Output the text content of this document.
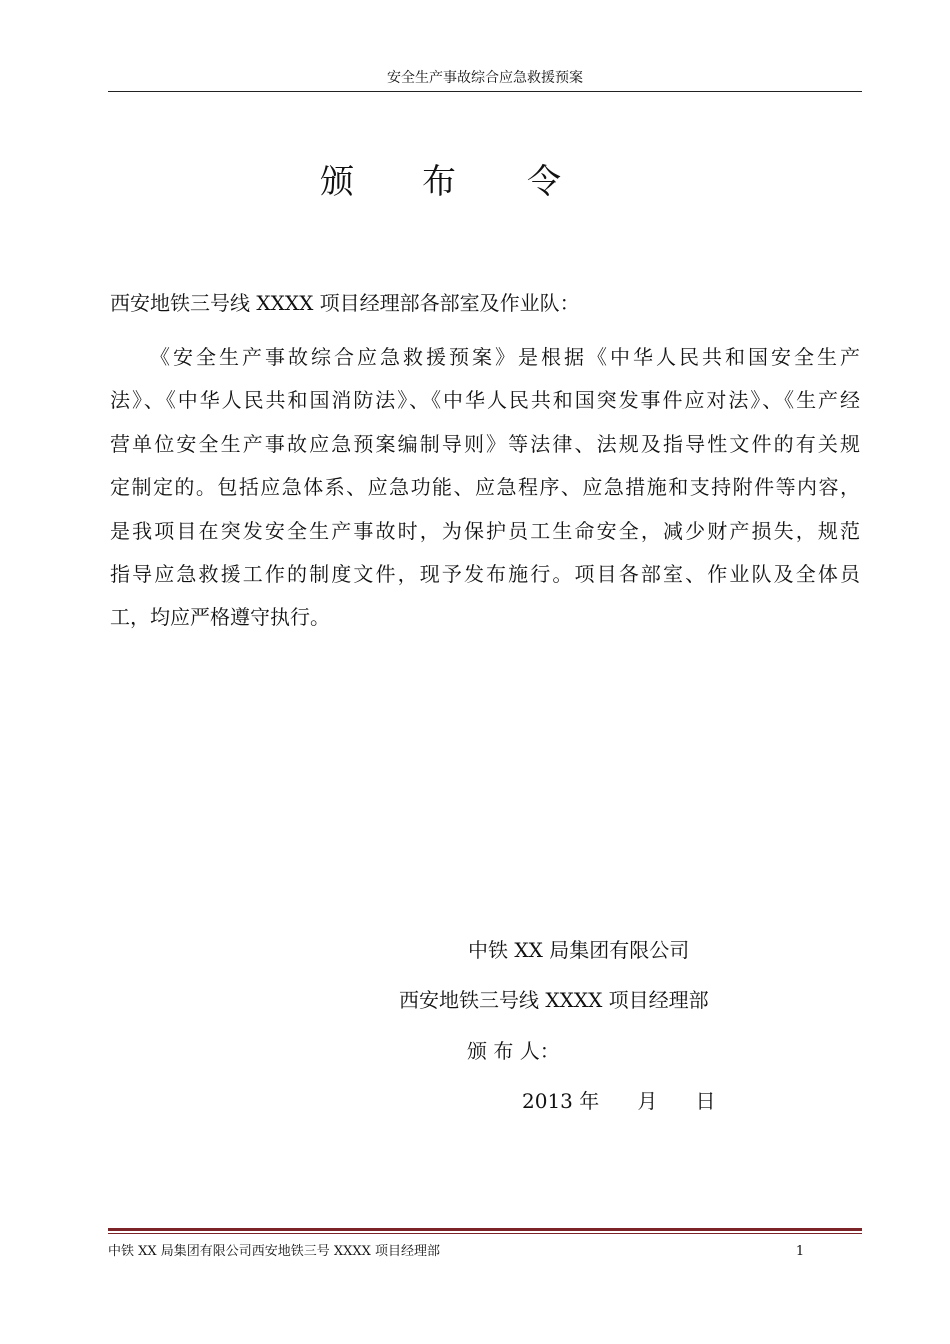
安全生产事故综合应急救援预案
颁 布 令
西安地铁三号线 XXXX 项目经理部各部室及作业队：
《安全生产事故综合应急救援预案》是根据《中华人民共和国安全生产
法》、《中华人民共和国消防法》、《中华人民共和国突发事件应对法》、《生产经
营单位安全生产事故应急预案编制导则》等法律、法规及指导性文件的有关规
定制定的。包括应急体系、应急功能、应急程序、应急措施和支持附件等内容，
是我项目在突发安全生产事故时，为保护员工生命安全，减少财产损失，规范
指导应急救援工作的制度文件，现予发布施行。项目各部室、作业队及全体员
工，均应严格遵守执行。
中铁 XX 局集团有限公司
西安地铁三号线 XXXX 项目经理部
颁 布 人：
2013 年      月      日
中铁 XX 局集团有限公司西安地铁三号 XXXX 项目经理部	1
